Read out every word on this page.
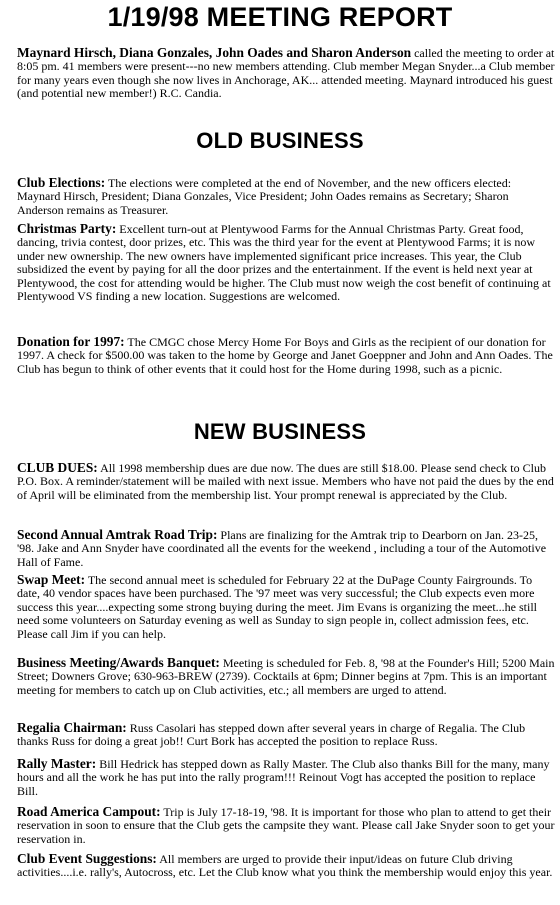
1/19/98 MEETING REPORT

Maynard Hirsch, Diana Gonzales, John Oades and Sharon Anderson called the meeting to order at 8:05 pm. 41 members were present---no new members attending. Club member Megan Snyder...a Club member for many years even though she now lives in Anchorage, AK... attended meeting. Maynard introduced his guest (and potential new member!) R.C. Candia.

OLD BUSINESS

Club Elections: The elections were completed at the end of November, and the new officers elected: Maynard Hirsch, President; Diana Gonzales, Vice President; John Oades remains as Secretary; Sharon Anderson remains as Treasurer.

Christmas Party: Excellent turn-out at Plentywood Farms for the Annual Christmas Party. Great food, dancing, trivia contest, door prizes, etc. This was the third year for the event at Plentywood Farms; it is now under new ownership. The new owners have implemented significant price increases. This year, the Club subsidized the event by paying for all the door prizes and the entertainment. If the event is held next year at Plentywood, the cost for attending would be higher. The Club must now weigh the cost benefit of continuing at Plentywood VS finding a new location. Suggestions are welcomed.

Donation for 1997: The CMGC chose Mercy Home For Boys and Girls as the recipient of our donation for 1997. A check for $500.00 was taken to the home by George and Janet Goeppner and John and Ann Oades. The Club has begun to think of other events that it could host for the Home during 1998, such as a picnic.

NEW BUSINESS

CLUB DUES: All 1998 membership dues are due now. The dues are still $18.00. Please send check to Club P.O. Box. A reminder/statement will be mailed with next issue. Members who have not paid the dues by the end of April will be eliminated from the membership list. Your prompt renewal is appreciated by the Club.

Second Annual Amtrak Road Trip: Plans are finalizing for the Amtrak trip to Dearborn on Jan. 23-25, '98. Jake and Ann Snyder have coordinated all the events for the weekend , including a tour of the Automotive Hall of Fame.

Swap Meet: The second annual meet is scheduled for February 22 at the DuPage County Fairgrounds. To date, 40 vendor spaces have been purchased. The '97 meet was very successful; the Club expects even more success this year....expecting some strong buying during the meet. Jim Evans is organizing the meet...he still need some volunteers on Saturday evening as well as Sunday to sign people in, collect admission fees, etc. Please call Jim if you can help.

Business Meeting/Awards Banquet: Meeting is scheduled for Feb. 8, '98 at the Founder's Hill; 5200 Main Street; Downers Grove; 630-963-BREW (2739). Cocktails at 6pm; Dinner begins at 7pm. This is an important meeting for members to catch up on Club activities, etc.; all members are urged to attend.

Regalia Chairman: Russ Casolari has stepped down after several years in charge of Regalia. The Club thanks Russ for doing a great job!! Curt Bork has accepted the position to replace Russ.

Rally Master: Bill Hedrick has stepped down as Rally Master. The Club also thanks Bill for the many, many hours and all the work he has put into the rally program!!! Reinout Vogt has accepted the position to replace Bill.

Road America Campout: Trip is July 17-18-19, '98. It is important for those who plan to attend to get their reservation in soon to ensure that the Club gets the campsite they want. Please call Jake Snyder soon to get your reservation in.

Club Event Suggestions: All members are urged to provide their input/ideas on future Club driving activities....i.e. rally's, Autocross, etc. Let the Club know what you think the membership would enjoy this year.
